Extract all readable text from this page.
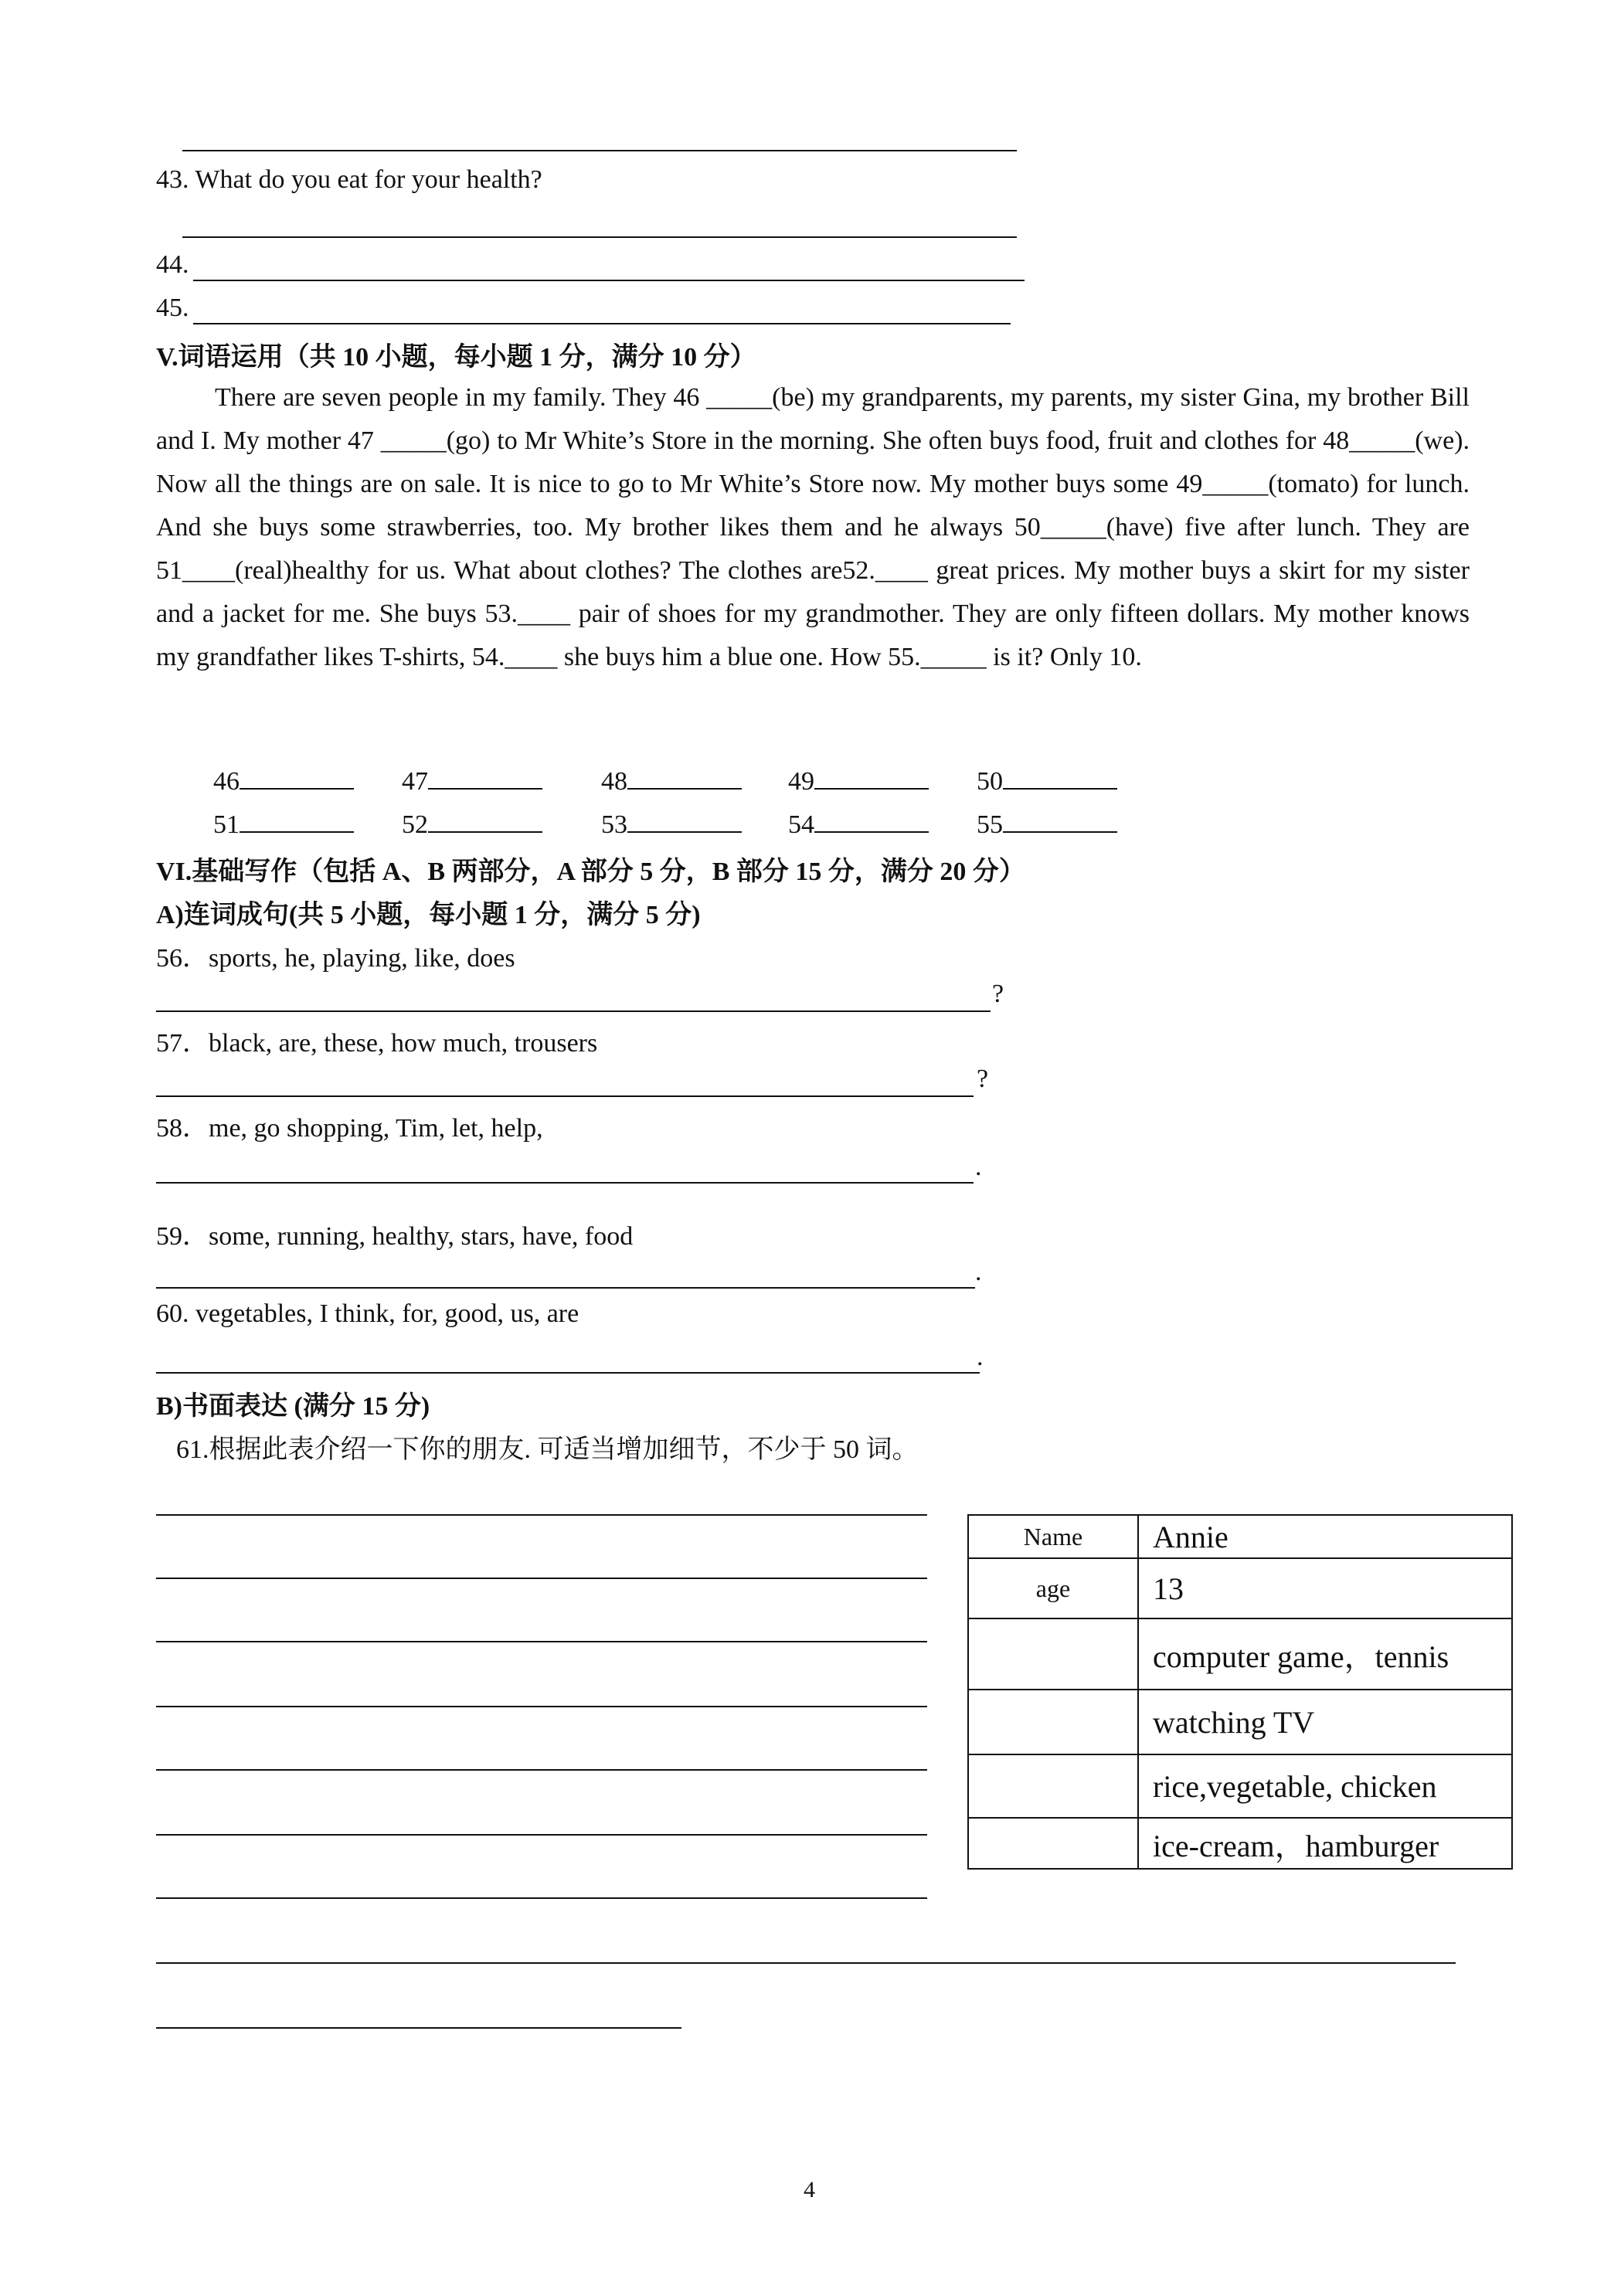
43. What do you eat for your health?
44.
45.
V.词语运用（共 10 小题，每小题 1 分，满分 10 分）
There are seven people in my family. They 46 _____(be) my grandparents, my parents, my sister Gina, my brother Bill and I. My mother 47 _____(go) to Mr White’s Store in the morning. She often buys food, fruit and clothes for 48_____(we). Now all the things are on sale. It is nice to go to Mr White’s Store now. My mother buys some 49_____(tomato) for lunch. And she buys some strawberries, too. My brother likes them and he always 50_____(have) five after lunch. They are 51____(real)healthy for us. What about clothes? The clothes are52.____ great prices. My mother buys a skirt for my sister and a jacket for me. She buys 53.____ pair of shoes for my grandmother. They are only fifteen dollars. My mother knows my grandfather likes T-shirts, 54.____ she buys him a blue one. How 55._____ is it? Only 10.
46	47	48	49	50
51	52	53	54	55
VI.基础写作（包括 A、B 两部分，A 部分 5 分，B 部分 15 分，满分 20 分）
A)连词成句(共 5 小题，每小题 1 分，满分 5 分)
56．sports, he, playing, like, does
?
57．black, are, these, how much, trousers
?
58．me, go shopping, Tim, let, help,
.
59．some, running, healthy, stars, have, food
.
60. vegetables, I think, for, good, us, are
.
B)书面表达 (满分 15 分)
61.根据此表介绍一下你的朋友. 可适当增加细节，不少于 50 词。
Name	Annie
age	13
	computer game，tennis
	watching TV
	rice,vegetable, chicken
	ice-cream，hamburger
4
